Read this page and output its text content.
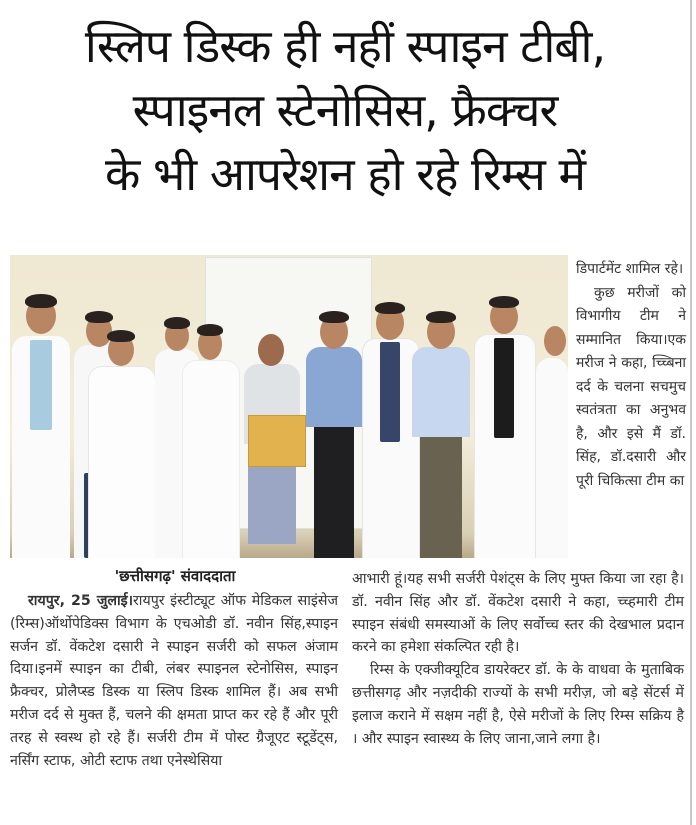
स्लिप डिस्क ही नहीं स्पाइन टीबी,
स्पाइनल स्टेनोसिस, फ्रैक्चर
के भी आपरेशन हो रहे रिम्स में

डिपार्टमेंट शामिल रहे।

कुछ मरीजों को विभागीय टीम ने सम्मानित किया।एक मरीज ने कहा, च्च्बिना दर्द के चलना सचमुच स्वतंत्रता का अनुभव है, और इसे मैं डॉ. सिंह, डॉ.दसारी और पूरी चिकित्सा टीम का

'छत्तीसगढ़' संवाददाता

रायपुर, 25 जुलाई।रायपुर इंस्टीट्यूट ऑफ मेडिकल साइंसेज (रिम्स)ऑर्थोपेडिक्स विभाग के एचओडी डॉ. नवीन सिंह,स्पाइन सर्जन डॉ. वेंकटेश दसारी ने स्पाइन सर्जरी को सफल अंजाम दिया।इनमें स्पाइन का टीबी, लंबर स्पाइनल स्टेनोसिस, स्पाइन फ्रैक्चर, प्रोलैप्स्ड डिस्क या स्लिप डिस्क शामिल हैं। अब सभी मरीज दर्द से मुक्त हैं, चलने की क्षमता प्राप्त कर रहे हैं और पूरी तरह से स्वस्थ हो रहे हैं। सर्जरी टीम में पोस्ट ग्रैजूएट स्टूडेंट्स, नर्सिंग स्टाफ, ओटी स्टाफ तथा एनेस्थेसिया

आभारी हूं।यह सभी सर्जरी पेशंट्स के लिए मुफ्त किया जा रहा है। डॉ. नवीन सिंह और डॉ. वेंकटेश दसारी ने कहा, च्च्हमारी टीम स्पाइन संबंधी समस्याओं के लिए सर्वोच्च स्तर की देखभाल प्रदान करने का हमेशा संकल्पित रही है।

रिम्स के एक्जीक्यूटिव डायरेक्टर डॉ. के के वाधवा के मुताबिक छत्तीसगढ़ और नज़दीकी राज्यों के सभी मरीज़, जो बड़े सेंटर्स में इलाज कराने में सक्षम नहीं है, ऐसे मरीजों के लिए रिम्स सक्रिय है । और स्पाइन स्वास्थ्य के लिए जाना,जाने लगा है।
